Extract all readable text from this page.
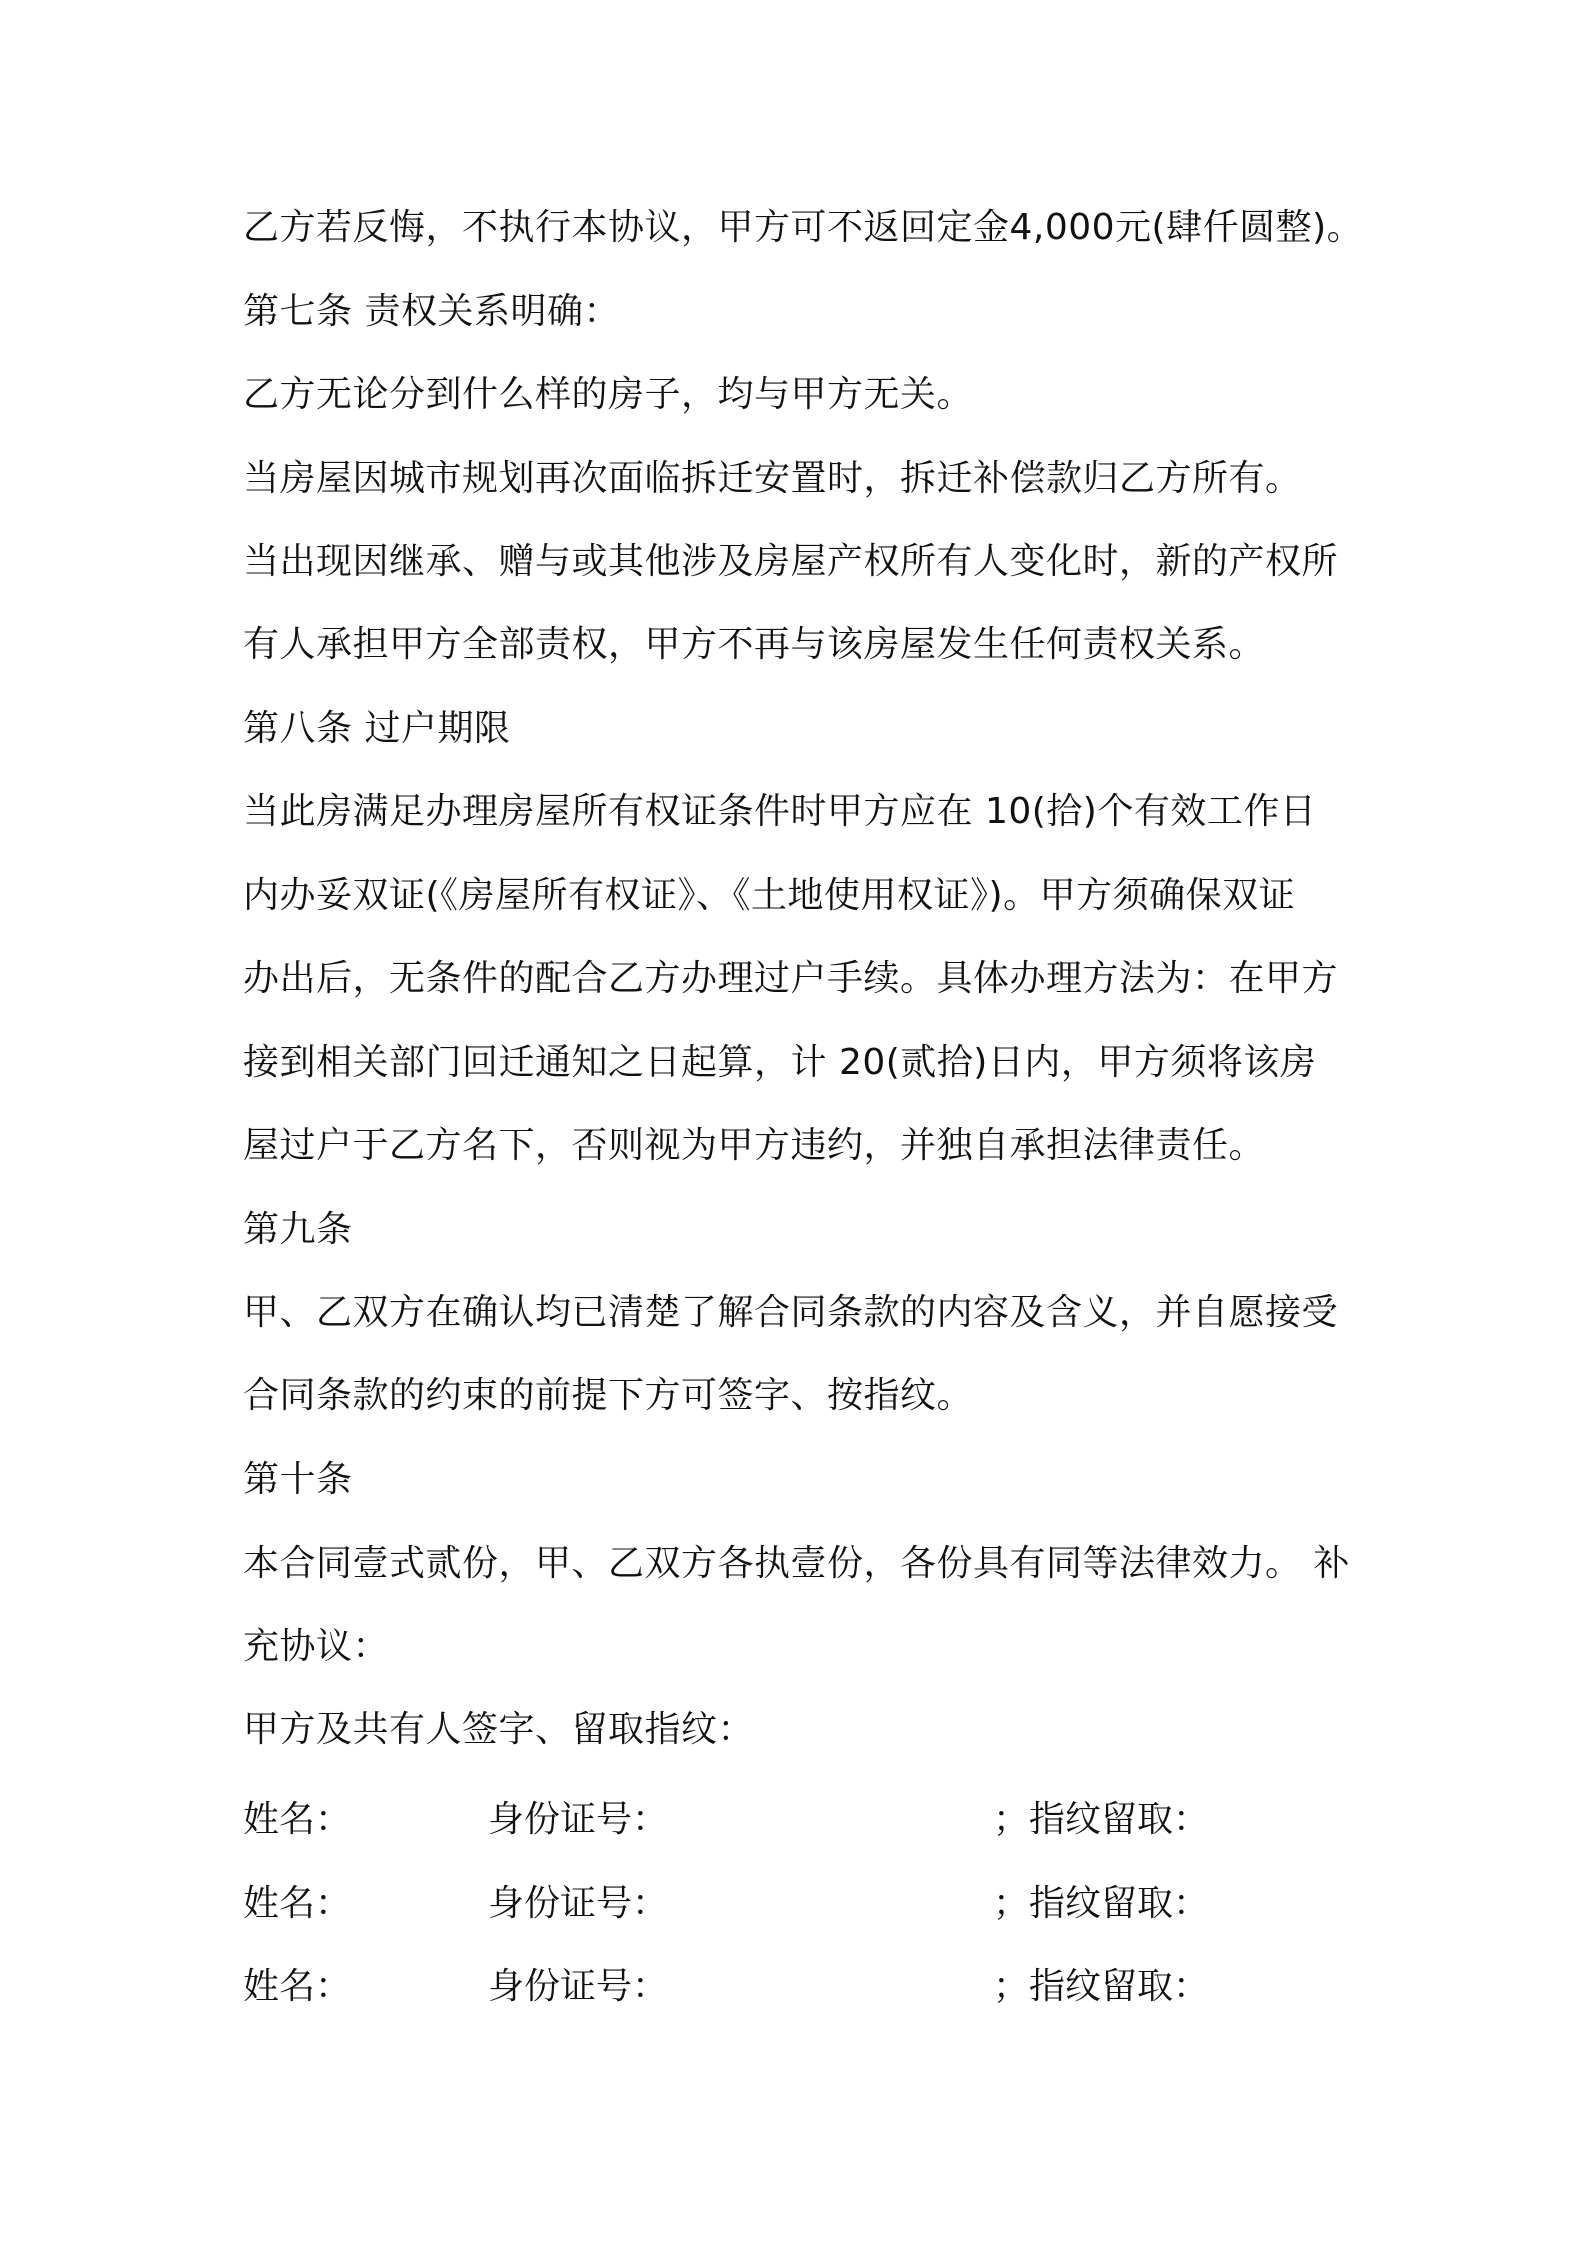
乙方若反悔，不执行本协议，甲方可不返回定金4,000元(肆仟圆整)。
第七条 责权关系明确：
乙方无论分到什么样的房子，均与甲方无关。
当房屋因城市规划再次面临拆迁安置时，拆迁补偿款归乙方所有。
当出现因继承、赠与或其他涉及房屋产权所有人变化时，新的产权所
有人承担甲方全部责权，甲方不再与该房屋发生任何责权关系。
第八条 过户期限
当此房满足办理房屋所有权证条件时甲方应在 10(拾)个有效工作日
内办妥双证(《房屋所有权证》、《土地使用权证》)。甲方须确保双证
办出后，无条件的配合乙方办理过户手续。具体办理方法为：在甲方
接到相关部门回迁通知之日起算，计 20(贰拾)日内，甲方须将该房
屋过户于乙方名下，否则视为甲方违约，并独自承担法律责任。
第九条
甲、乙双方在确认均已清楚了解合同条款的内容及含义，并自愿接受
合同条款的约束的前提下方可签字、按指纹。
第十条
本合同壹式贰份，甲、乙双方各执壹份，各份具有同等法律效力。 补
充协议：
甲方及共有人签字、留取指纹：
姓名：	身份证号：	；指纹留取：
姓名：	身份证号：	；指纹留取：
姓名：	身份证号：	；指纹留取：
